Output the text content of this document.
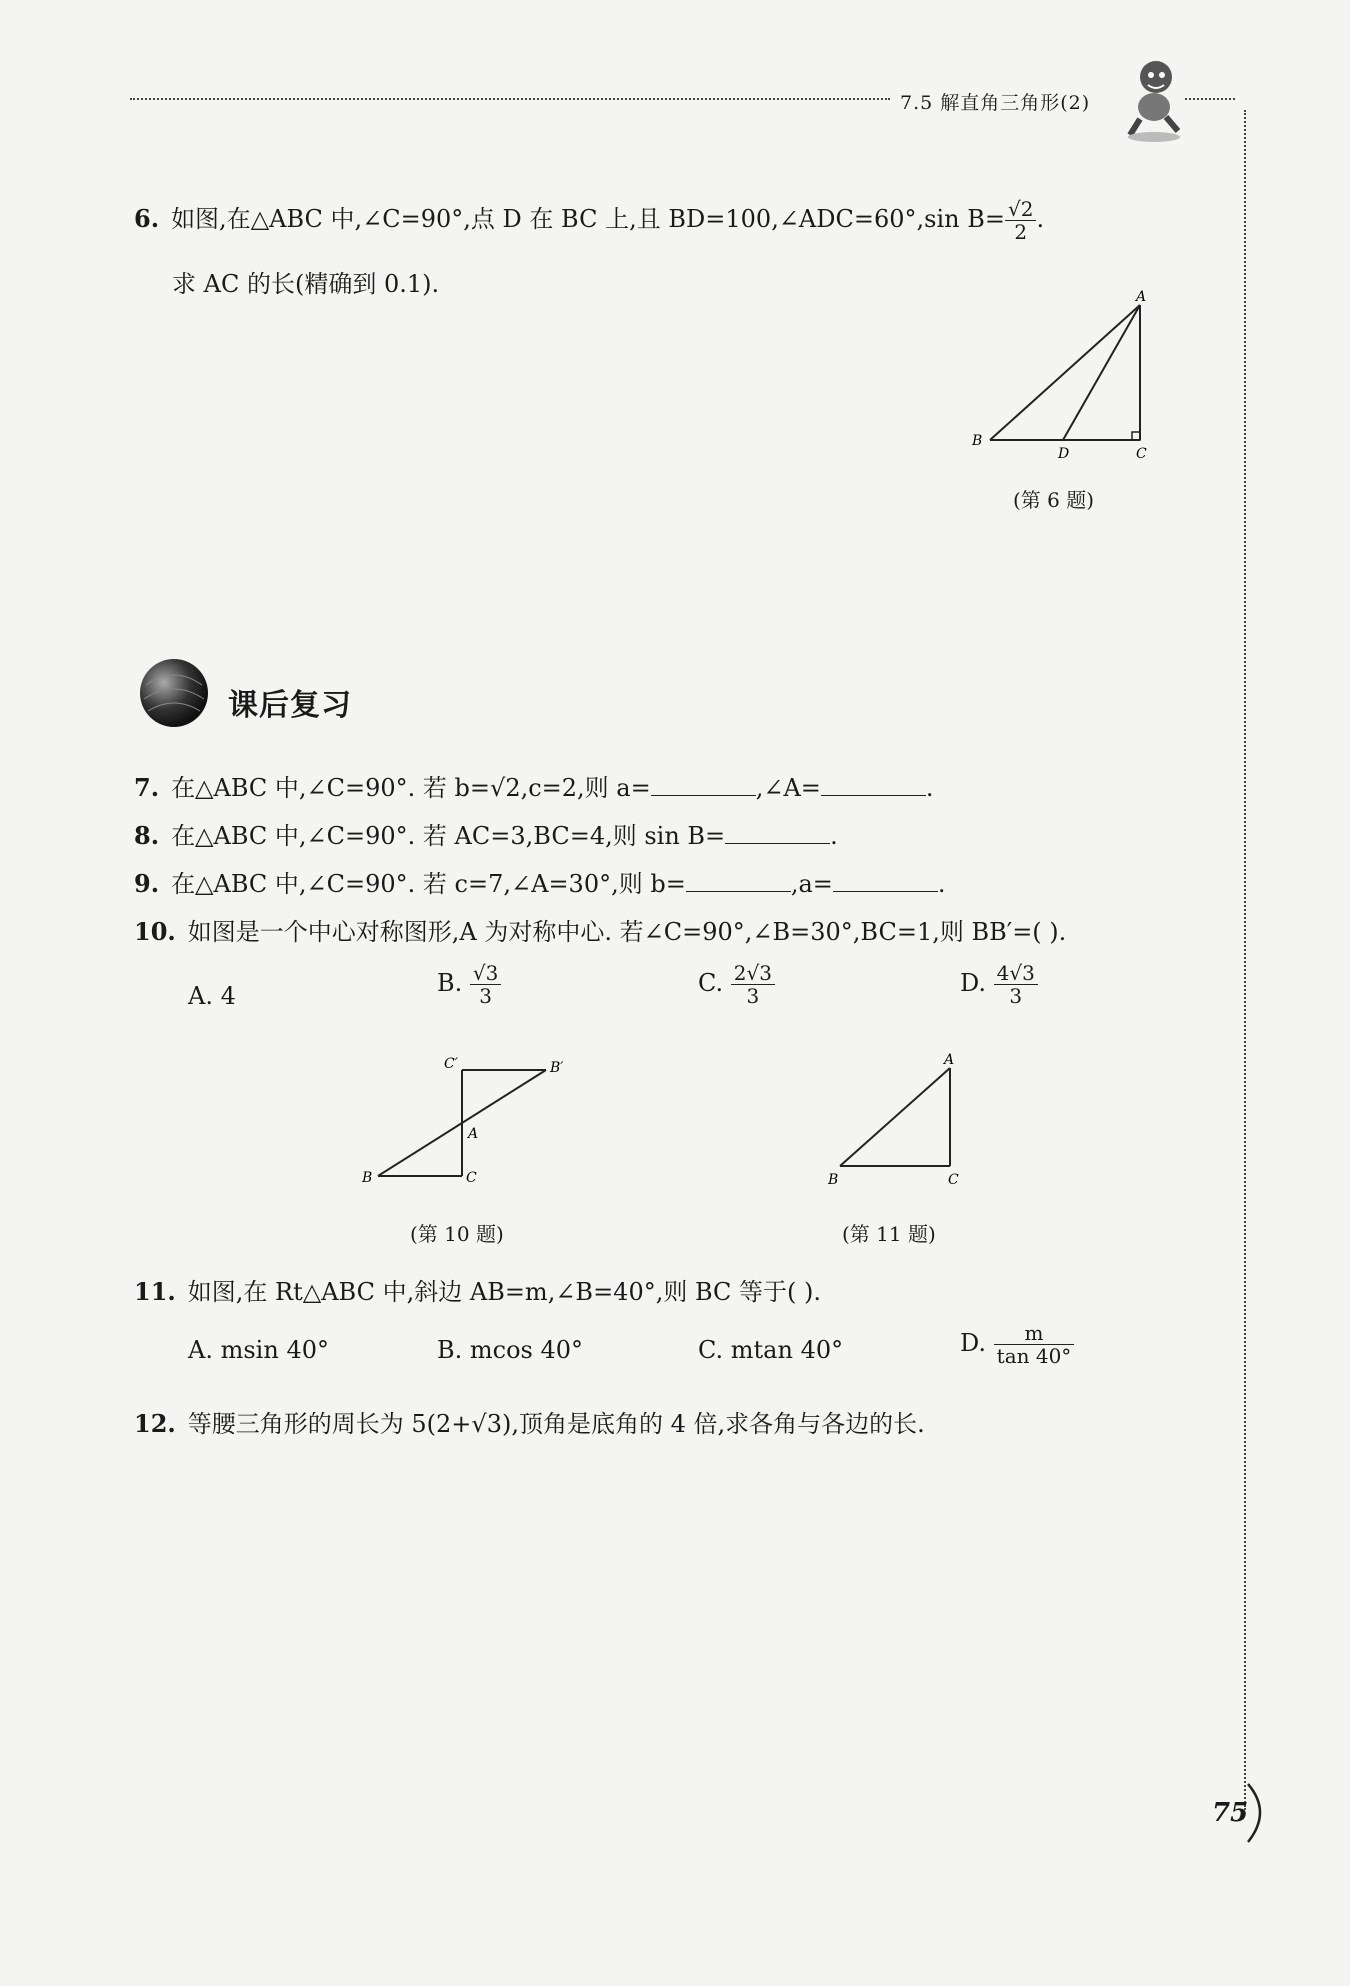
7.5 解直角三角形(2)
6. 如图,在△ABC 中,∠C=90°,点 D 在 BC 上,且 BD=100,∠ADC=60°,sin $B= \frac{√2}{2}$ .
求 AC 的长(精确到 0.1).	A
B
C
D
(第 6 题)
课后复习
7. 在△ABC 中,∠C=90°. 若 b=√2,c=2,则 a=	,∠A=	.
8. 在△ABC 中,∠C=90°. 若 AC=3,BC=4,则 sin B=	.
9. 在△ABC 中,∠C=90°. 若 c=7,∠A=30°,则 b=	,a=	.
10. 如图是一个中心对称图形,A 为对称中心. 若∠C=90°,∠B=30°,BC=1,则 BB′=( ).
A. 4	B. $\frac{√3}{3}$	C. $\frac{2√3}{3}$	D. $\frac{4√3}{3}$
C′	B′
A
B	C
(第 10 题)
A
B	C
(第 11 题)
11. 如图,在 Rt△ABC 中,斜边 AB=m,∠B=40°,则 BC 等于( ).
A. msin 40°	B. mcos 40°	C. mtan 40°	D. $\frac{m}{\tan 40^\circ}$
12. 等腰三角形的周长为 5(2+√3),顶角是底角的 4 倍,求各角与各边的长.
75
